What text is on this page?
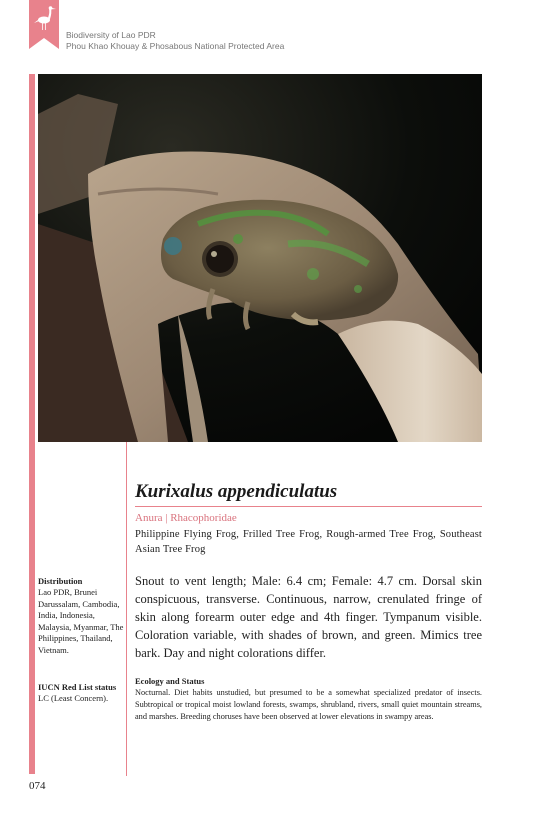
Biodiversity of Lao PDR
Phou Khao Khouay & Phosabous National Protected Area
Kurixalus appendiculatus
Anura | Rhacophoridae
Philippine Flying Frog, Frilled Tree Frog, Rough-armed Tree Frog, Southeast Asian Tree Frog
Snout to vent length; Male: 6.4 cm; Female: 4.7 cm. Dorsal skin conspicuous, transverse. Continuous, narrow, crenulated fringe of skin along forearm outer edge and 4th finger. Tympanum visible. Coloration variable, with shades of brown, and green. Mimics tree bark. Day and night colorations differ.
Ecology and Status
Nocturnal. Diet habits unstudied, but presumed to be a somewhat specialized predator of insects. Subtropical or tropical moist lowland forests, swamps, shrubland, rivers, small quiet mountain streams, and marshes. Breeding choruses have been observed at lower elevations in swampy areas.
Distribution
Lao PDR, Brunei Darussalam, Cambodia, India, Indonesia, Malaysia, Myanmar, The Philippines, Thailand, Vietnam.
IUCN Red List status
LC (Least Concern).
074
